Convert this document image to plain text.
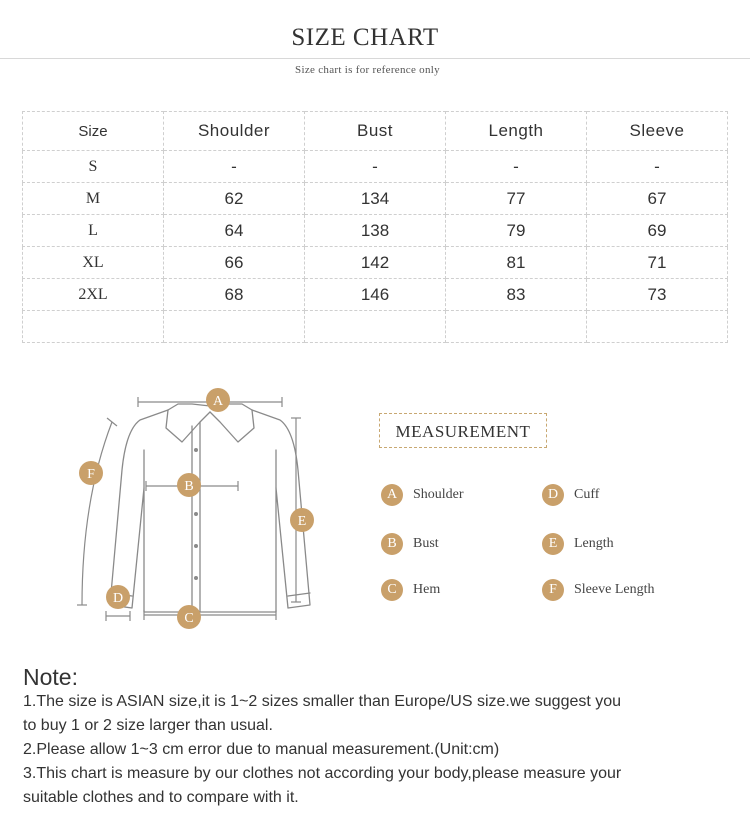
SIZE CHART
Size chart is for reference only
Size	Shoulder	Bust	Length	Sleeve
S	-	-	-	-
M	62	134	77	67
L	64	138	79	69
XL	66	142	81	71
2XL	68	146	83	73

A
B
C
D
E
F
MEASUREMENT
A	Shoulder
B	Bust
C	Hem
D	Cuff
E	Length
F	Sleeve Length
Note:
1.The size is ASIAN size,it is 1~2 sizes smaller than Europe/US size.we suggest you
to buy 1 or 2 size larger than usual.
2.Please allow 1~3 cm error due to manual measurement.(Unit:cm)
3.This chart is measure by our clothes not according your body,please measure your
suitable clothes and to compare with it.
